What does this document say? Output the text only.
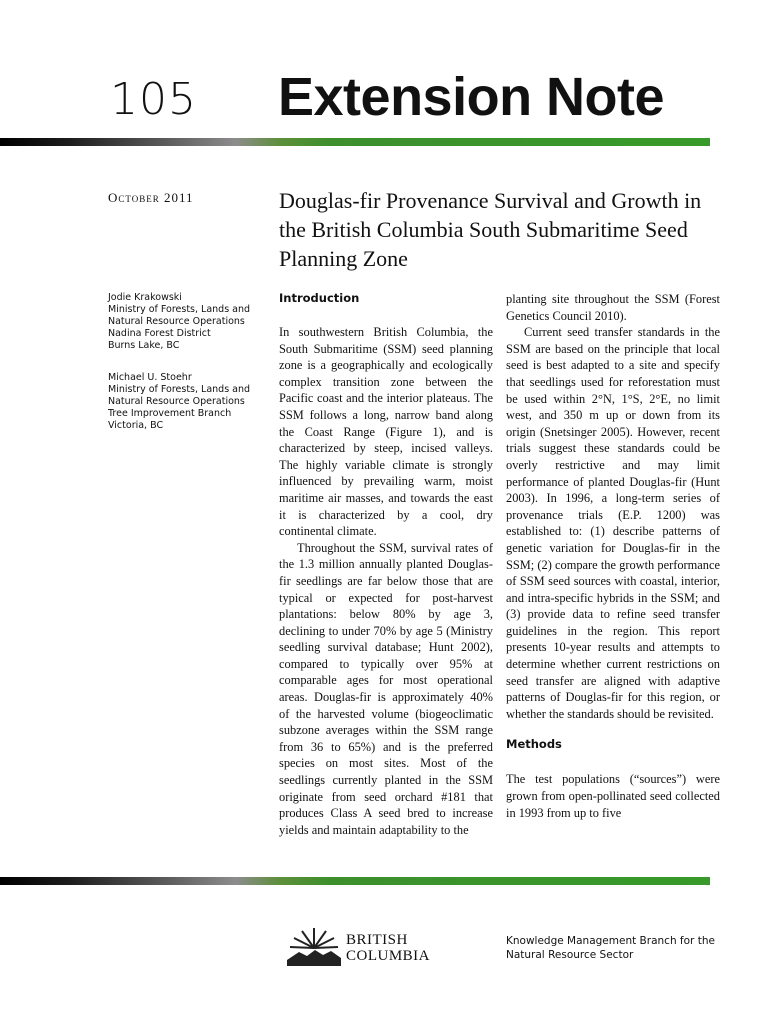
105 Extension Note
October 2011	Douglas-fir Provenance Survival and Growth in the British Columbia South Submaritime Seed Planning Zone
Jodie Krakowski
Ministry of Forests, Lands and
Natural Resource Operations
Nadina Forest District
Burns Lake, BC
Michael U. Stoehr
Ministry of Forests, Lands and
Natural Resource Operations
Tree Improvement Branch
Victoria, BC
Introduction

In southwestern British Columbia, the South Submaritime (SSM) seed planning zone is a geographically and ecologically complex transition zone between the Pacific coast and the interior plateaus. The SSM follows a long, narrow band along the Coast Range (Figure 1), and is characterized by steep, incised valleys. The highly variable climate is strongly influenced by prevailing warm, moist maritime air masses, and towards the east it is characterized by a cool, dry continental climate.

Throughout the SSM, survival rates of the 1.3 million annually planted Douglas-fir seedlings are far below those that are typical or expected for post-harvest plantations: below 80% by age 3, declining to under 70% by age 5 (Ministry seedling survival database; Hunt 2002), compared to typically over 95% at comparable ages for most operational areas. Douglas-fir is approximately 40% of the harvested volume (biogeoclimatic subzone averages within the SSM range from 36 to 65%) and is the preferred species on most sites. Most of the seedlings currently planted in the SSM originate from seed orchard #181 that produces Class A seed bred to increase yields and maintain adaptability to the

planting site throughout the SSM (Forest Genetics Council 2010).

Current seed transfer standards in the SSM are based on the principle that local seed is best adapted to a site and specify that seedlings used for reforestation must be used within 2°N, 1°S, 2°E, no limit west, and 350 m up or down from its origin (Snetsinger 2005). However, recent trials suggest these standards could be overly restrictive and may limit performance of planted Douglas-fir (Hunt 2003). In 1996, a long-term series of provenance trials (E.P. 1200) was established to: (1) describe patterns of genetic variation for Douglas-fir in the SSM; (2) compare the growth performance of SSM seed sources with coastal, interior, and intra-specific hybrids in the SSM; and (3) provide data to refine seed transfer guidelines in the region. This report presents 10-year results and attempts to determine whether current restrictions on seed transfer are aligned with adaptive patterns of Douglas-fir for this region, or whether the standards should be revisited.

Methods

The test populations (“sources”) were grown from open-pollinated seed collected in 1993 from up to five

BRITISH
COLUMBIA
Knowledge Management Branch for the Natural Resource Sector
